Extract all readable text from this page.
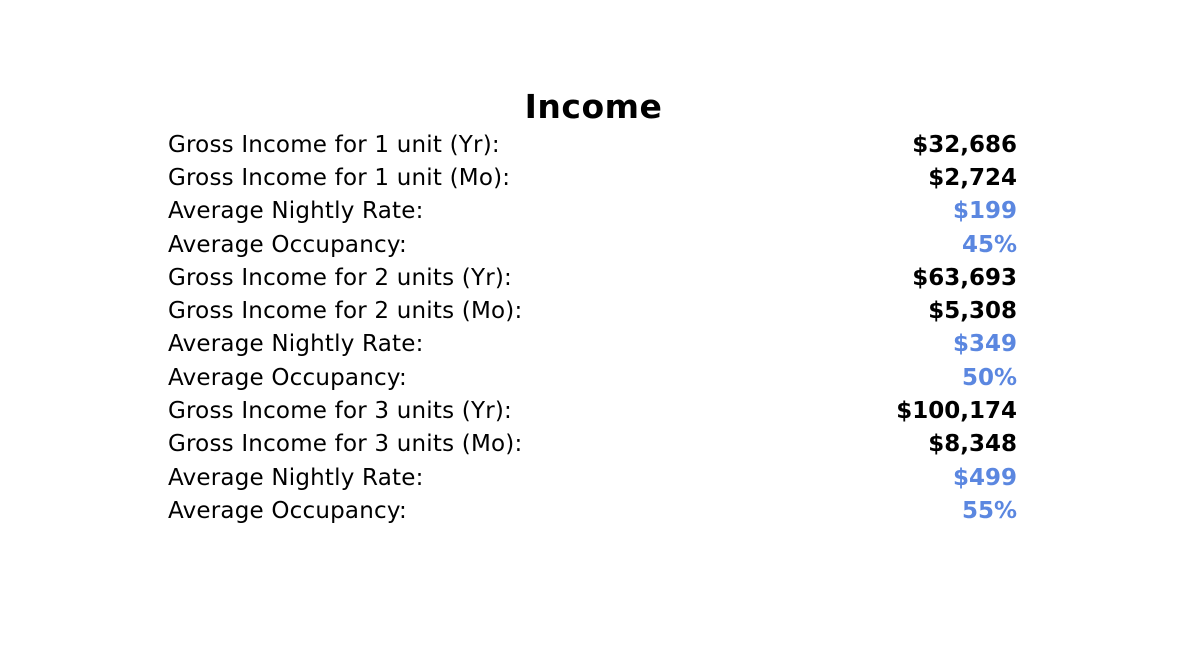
Income
Gross Income for 1 unit (Yr):	$32,686
Gross Income for 1 unit (Mo):	$2,724
Average Nightly Rate:	$199
Average Occupancy:	45%
Gross Income for 2 units (Yr):	$63,693
Gross Income for 2 units (Mo):	$5,308
Average Nightly Rate:	$349
Average Occupancy:	50%
Gross Income for 3 units (Yr):	$100,174
Gross Income for 3 units (Mo):	$8,348
Average Nightly Rate:	$499
Average Occupancy:	55%
